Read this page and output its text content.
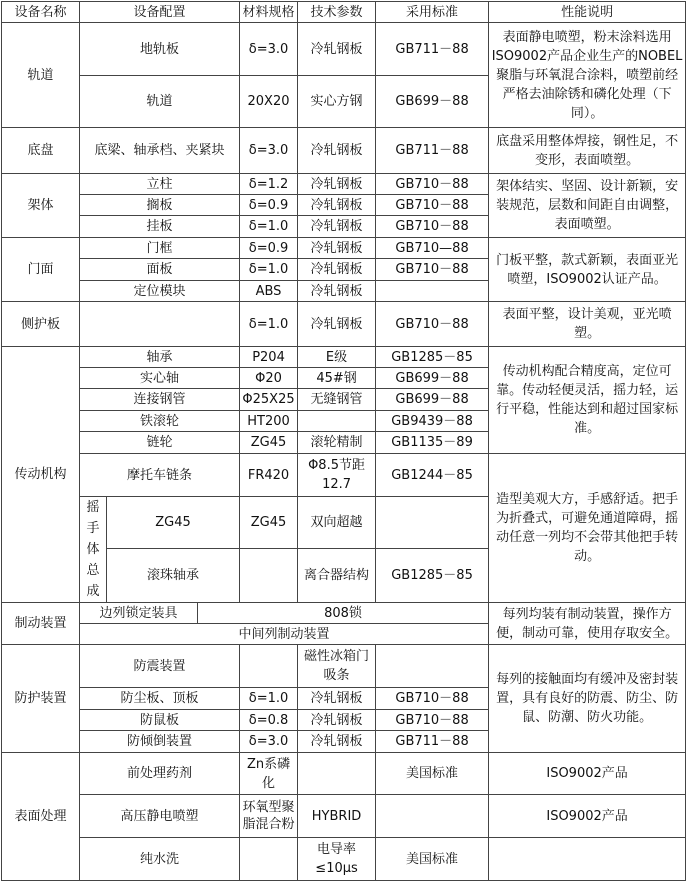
设备名称	设备配置			材料规格	技术参数	采用标准	性能说明
轨道	地轨板			δ=3.0	冷轧钢板	GB711－88	表面静电喷塑，粉末涂料选用ISO9002产品企业生产的NOBEL聚脂与环氧混合涂料，喷塑前经严格去油除锈和磷化处理（下同）。
	轨道			20X20	实心方钢	GB699－88	
底盘	底梁、轴承档、夹紧块			δ=3.0	冷轧钢板	GB711－88	底盘采用整体焊接，钢性足，不变形，表面喷塑。
架体	立柱			δ=1.2	冷轧钢板	GB710－88	架体结实、坚固、设计新颖，安装规范，层数和间距自由调整，表面喷塑。
	搁板			δ=0.9	冷轧钢板	GB710－88	
	挂板			δ=1.0	冷轧钢板	GB710－88	
门面	门框			δ=0.9	冷轧钢板	GB710—88	门板平整，款式新颖，表面亚光喷塑，ISO9002认证产品。
	面板			δ=1.0	冷轧钢板	GB710－88	
	定位模块			ABS	冷轧钢板		
侧护板				δ=1.0	冷轧钢板	GB710－88	表面平整，设计美观，亚光喷塑。
传动机构	轴承			P204	E级	GB1285－85	传动机构配合精度高，定位可靠。传动轻便灵活，摇力轻，运行平稳，性能达到和超过国家标准。
	实心轴			Φ20	45#钢	GB699－88	
	连接钢管			Φ25X25	无缝钢管	GB699－88	
	铁滚轮			HT200		GB9439－88	
	链轮			ZG45	滚轮精制	GB1135－89	
	摩托车链条			FR420	Φ8.5节距12.7	GB1244－85	造型美观大方，手感舒适。把手为折叠式，可避免通道障碍，摇动任意一列均不会带其他把手转动。
	摇手体总成	ZG45		ZG45	双向超越		
		滚珠轴承			离合器结构	GB1285－85	
制动装置	边列锁定装具		808锁				每列均装有制动装置，操作方便，制动可靠，使用存取安全。
	中间列制动装置						
防护装置	防震装置				磁性冰箱门吸条		每列的接触面均有缓冲及密封装置，具有良好的防震、防尘、防鼠、防潮、防火功能。
	防尘板、顶板			δ=1.0	冷轧钢板	GB710－88	
	防鼠板			δ=0.8	冷轧钢板	GB710－88	
	防倾倒装置			δ=3.0	冷轧钢板	GB711－88	
表面处理	前处理药剂			Zn系磷化		美国标准	ISO9002产品
	高压静电喷塑			环氧型聚脂混合粉	HYBRID		ISO9002产品
	纯水洗				电导率≤10μs	美国标准	
